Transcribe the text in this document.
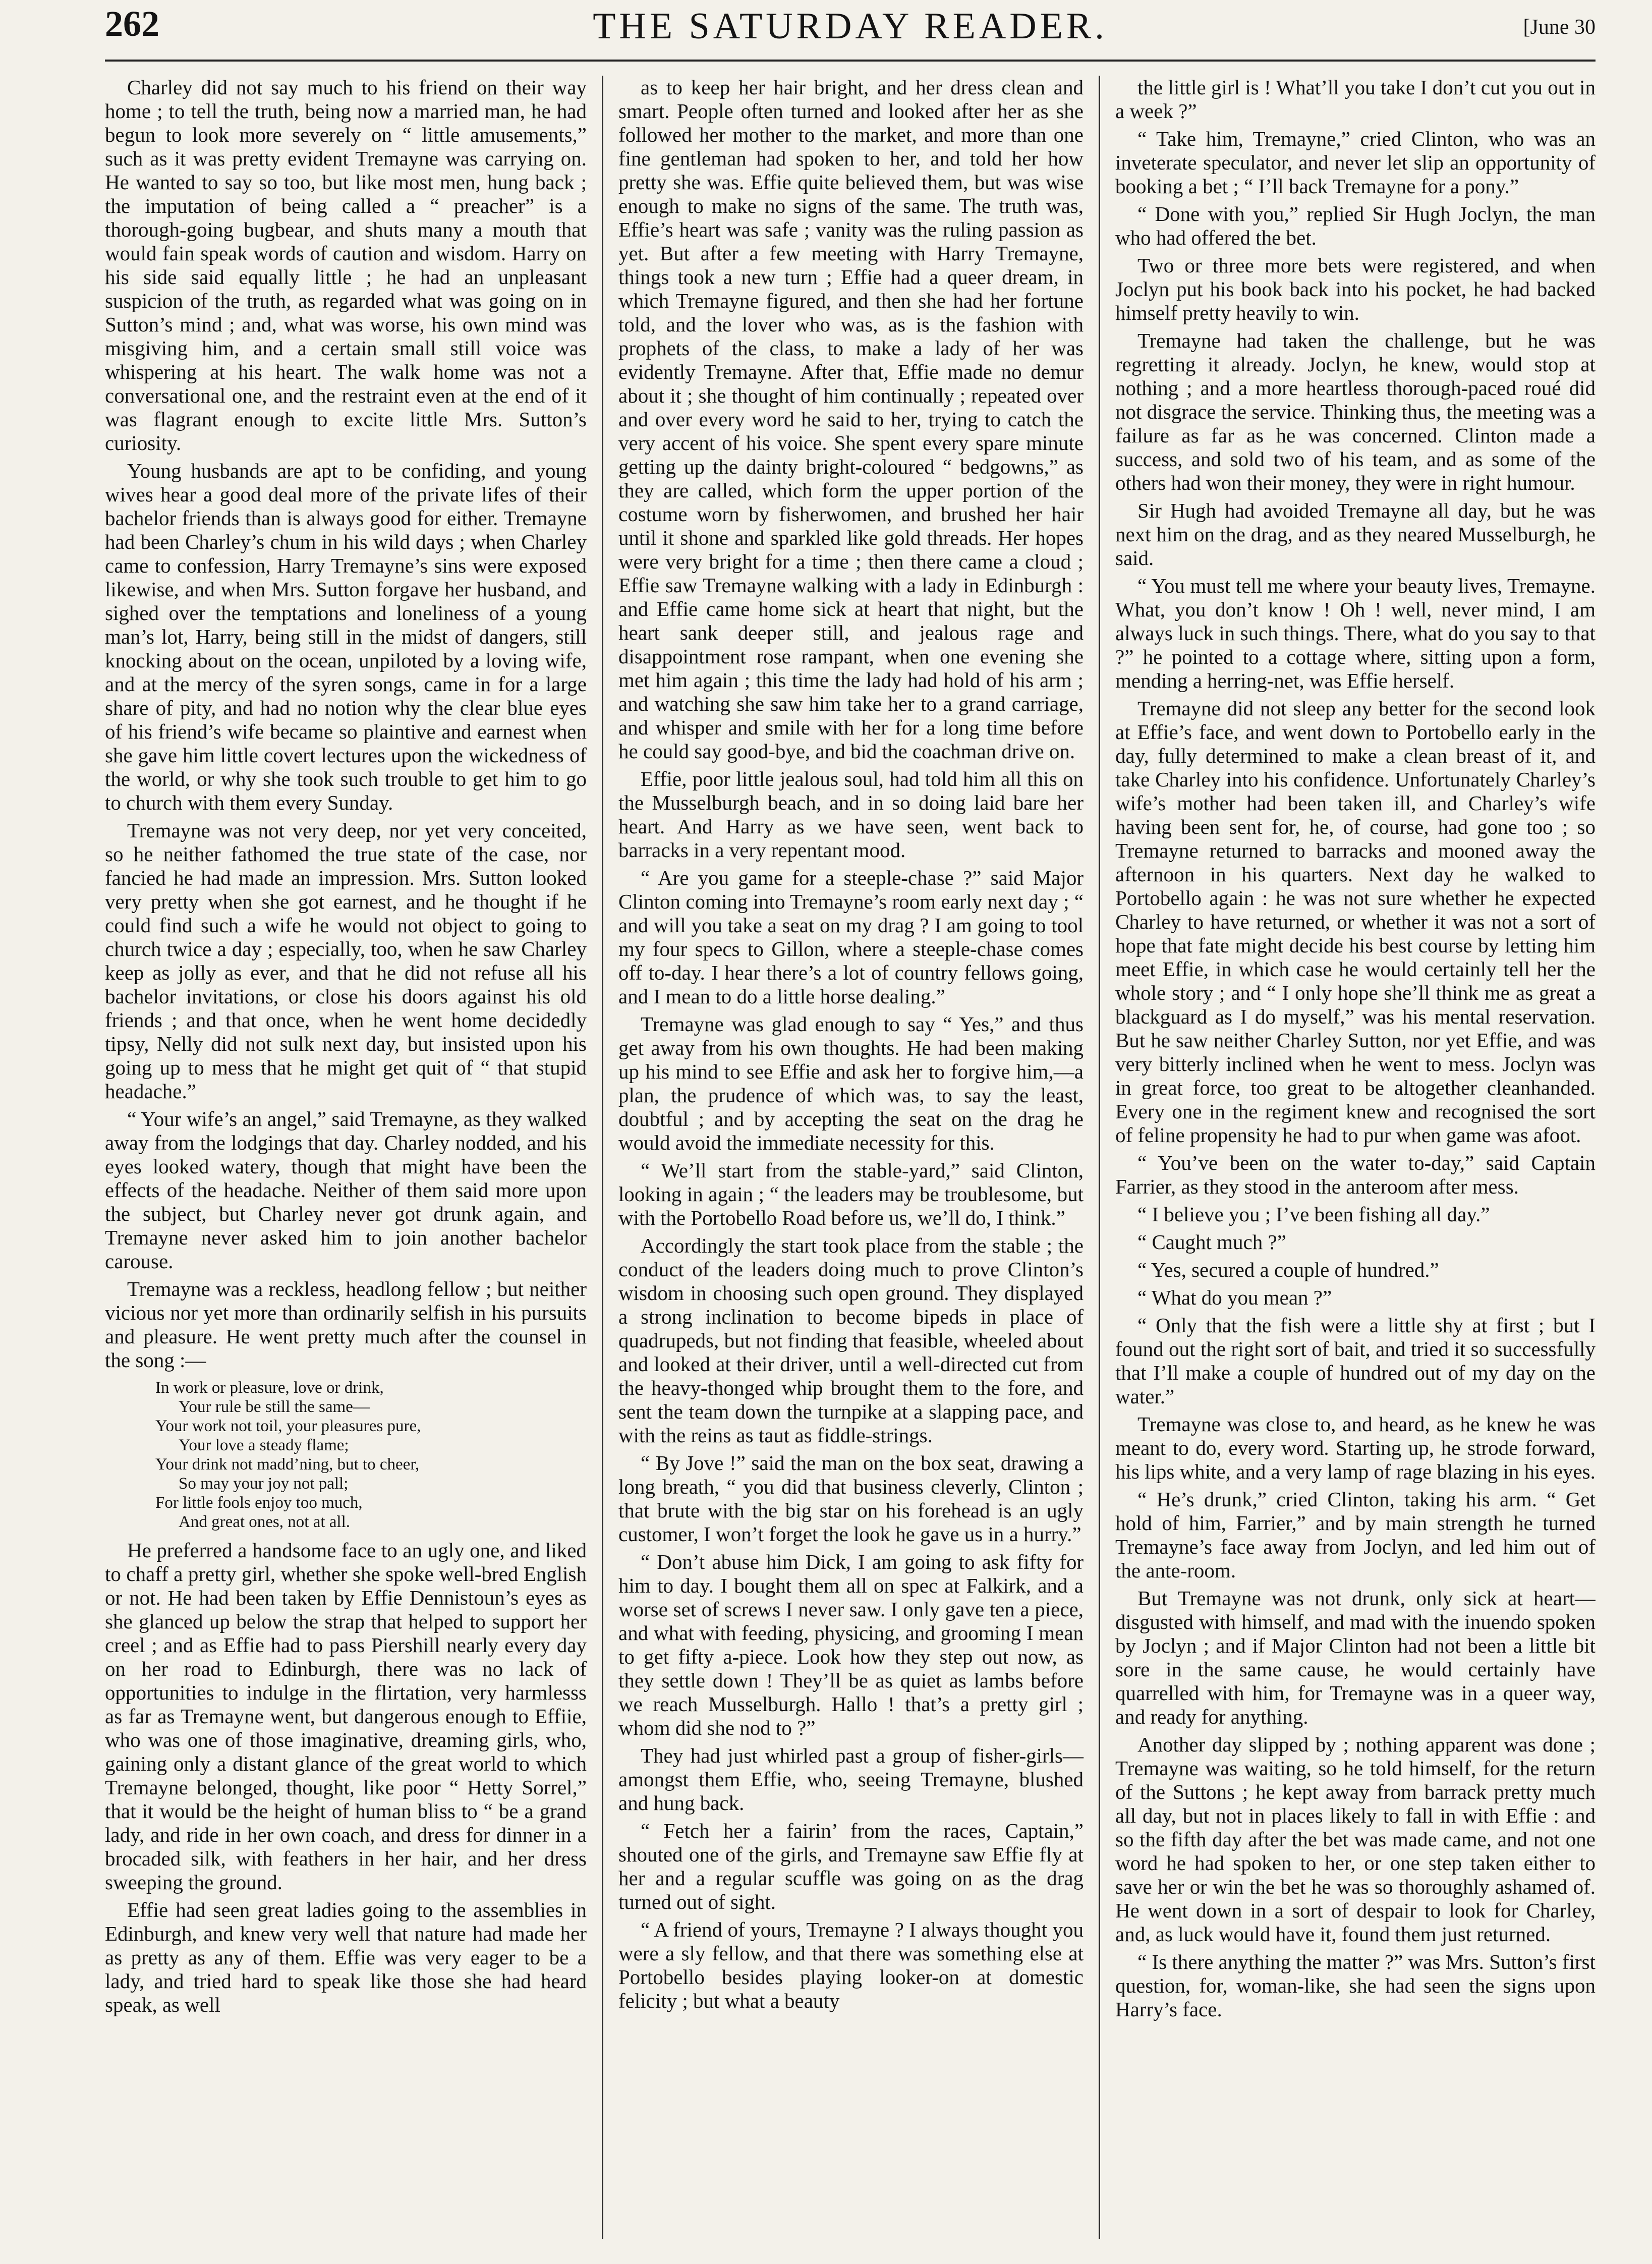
262	THE SATURDAY READER.	[June 30

Charley did not say much to his friend on their way home ; to tell the truth, being now a married man, he had begun to look more severely on “ little amusements,” such as it was pretty evident Tremayne was carrying on. He wanted to say so too, but like most men, hung back ; the imputation of being called a “ preacher” is a thorough-going bugbear, and shuts many a mouth that would fain speak words of caution and wisdom. Harry on his side said equally little ; he had an unpleasant suspicion of the truth, as regarded what was going on in Sutton’s mind ; and, what was worse, his own mind was misgiving him, and a certain small still voice was whispering at his heart. The walk home was not a conversational one, and the restraint even at the end of it was flagrant enough to excite little Mrs. Sutton’s curiosity.

Young husbands are apt to be confiding, and young wives hear a good deal more of the private lifes of their bachelor friends than is always good for either. Tremayne had been Charley’s chum in his wild days ; when Charley came to confession, Harry Tremayne’s sins were exposed likewise, and when Mrs. Sutton forgave her husband, and sighed over the temptations and loneliness of a young man’s lot, Harry, being still in the midst of dangers, still knocking about on the ocean, unpiloted by a loving wife, and at the mercy of the syren songs, came in for a large share of pity, and had no notion why the clear blue eyes of his friend’s wife became so plaintive and earnest when she gave him little covert lectures upon the wickedness of the world, or why she took such trouble to get him to go to church with them every Sunday.

Tremayne was not very deep, nor yet very conceited, so he neither fathomed the true state of the case, nor fancied he had made an impression. Mrs. Sutton looked very pretty when she got earnest, and he thought if he could find such a wife he would not object to going to church twice a day ; especially, too, when he saw Charley keep as jolly as ever, and that he did not refuse all his bachelor invitations, or close his doors against his old friends ; and that once, when he went home decidedly tipsy, Nelly did not sulk next day, but insisted upon his going up to mess that he might get quit of “ that stupid headache.”

“ Your wife’s an angel,” said Tremayne, as they walked away from the lodgings that day. Charley nodded, and his eyes looked watery, though that might have been the effects of the headache. Neither of them said more upon the subject, but Charley never got drunk again, and Tremayne never asked him to join another bachelor carouse.

Tremayne was a reckless, headlong fellow ; but neither vicious nor yet more than ordinarily selfish in his pursuits and pleasure. He went pretty much after the counsel in the song :—

In work or pleasure, love or drink,

Your rule be still the same—

Your work not toil, your pleasures pure,

Your love a steady flame;

Your drink not madd’ning, but to cheer,

So may your joy not pall;

For little fools enjoy too much,

And great ones, not at all.

He preferred a handsome face to an ugly one, and liked to chaff a pretty girl, whether she spoke well-bred English or not. He had been taken by Effie Dennistoun’s eyes as she glanced up below the strap that helped to support her creel ; and as Effie had to pass Piershill nearly every day on her road to Edinburgh, there was no lack of opportunities to indulge in the flirtation, very harmlesss as far as Tremayne went, but dangerous enough to Effiie, who was one of those imaginative, dreaming girls, who, gaining only a distant glance of the great world to which Tremayne belonged, thought, like poor “ Hetty Sorrel,” that it would be the height of human bliss to “ be a grand lady, and ride in her own coach, and dress for dinner in a brocaded silk, with feathers in her hair, and her dress sweeping the ground.

Effie had seen great ladies going to the assemblies in Edinburgh, and knew very well that nature had made her as pretty as any of them. Effie was very eager to be a lady, and tried hard to speak like those she had heard speak, as well

as to keep her hair bright, and her dress clean and smart. People often turned and looked after her as she followed her mother to the market, and more than one fine gentleman had spoken to her, and told her how pretty she was. Effie quite believed them, but was wise enough to make no signs of the same. The truth was, Effie’s heart was safe ; vanity was the ruling passion as yet. But after a few meeting with Harry Tremayne, things took a new turn ; Effie had a queer dream, in which Tremayne figured, and then she had her fortune told, and the lover who was, as is the fashion with prophets of the class, to make a lady of her was evidently Tremayne. After that, Effie made no demur about it ; she thought of him continually ; repeated over and over every word he said to her, trying to catch the very accent of his voice. She spent every spare minute getting up the dainty bright-coloured “ bedgowns,” as they are called, which form the upper portion of the costume worn by fisherwomen, and brushed her hair until it shone and sparkled like gold threads. Her hopes were very bright for a time ; then there came a cloud ; Effie saw Tremayne walking with a lady in Edinburgh : and Effie came home sick at heart that night, but the heart sank deeper still, and jealous rage and disappointment rose rampant, when one evening she met him again ; this time the lady had hold of his arm ; and watching she saw him take her to a grand carriage, and whisper and smile with her for a long time before he could say good-bye, and bid the coachman drive on.

Effie, poor little jealous soul, had told him all this on the Musselburgh beach, and in so doing laid bare her heart. And Harry as we have seen, went back to barracks in a very repentant mood.

“ Are you game for a steeple-chase ?” said Major Clinton coming into Tremayne’s room early next day ; “ and will you take a seat on my drag ? I am going to tool my four specs to Gillon, where a steeple-chase comes off to-day. I hear there’s a lot of country fellows going, and I mean to do a little horse dealing.”

Tremayne was glad enough to say “ Yes,” and thus get away from his own thoughts. He had been making up his mind to see Effie and ask her to forgive him,—a plan, the prudence of which was, to say the least, doubtful ; and by accepting the seat on the drag he would avoid the immediate necessity for this.

“ We’ll start from the stable-yard,” said Clinton, looking in again ; “ the leaders may be troublesome, but with the Portobello Road before us, we’ll do, I think.”

Accordingly the start took place from the stable ; the conduct of the leaders doing much to prove Clinton’s wisdom in choosing such open ground. They displayed a strong inclination to become bipeds in place of quadrupeds, but not finding that feasible, wheeled about and looked at their driver, until a well-directed cut from the heavy-thonged whip brought them to the fore, and sent the team down the turnpike at a slapping pace, and with the reins as taut as fiddle-strings.

“ By Jove !” said the man on the box seat, drawing a long breath, “ you did that business cleverly, Clinton ; that brute with the big star on his forehead is an ugly customer, I won’t forget the look he gave us in a hurry.”

“ Don’t abuse him Dick, I am going to ask fifty for him to day. I bought them all on spec at Falkirk, and a worse set of screws I never saw. I only gave ten a piece, and what with feeding, physicing, and grooming I mean to get fifty a-piece. Look how they step out now, as they settle down ! They’ll be as quiet as lambs before we reach Musselburgh. Hallo ! that’s a pretty girl ; whom did she nod to ?”

They had just whirled past a group of fisher-girls—amongst them Effie, who, seeing Tremayne, blushed and hung back.

“ Fetch her a fairin’ from the races, Captain,” shouted one of the girls, and Tremayne saw Effie fly at her and a regular scuffle was going on as the drag turned out of sight.

“ A friend of yours, Tremayne ? I always thought you were a sly fellow, and that there was something else at Portobello besides playing looker-on at domestic felicity ; but what a beauty

the little girl is ! What’ll you take I don’t cut you out in a week ?”

“ Take him, Tremayne,” cried Clinton, who was an inveterate speculator, and never let slip an opportunity of booking a bet ; “ I’ll back Tremayne for a pony.”

“ Done with you,” replied Sir Hugh Joclyn, the man who had offered the bet.

Two or three more bets were registered, and when Joclyn put his book back into his pocket, he had backed himself pretty heavily to win.

Tremayne had taken the challenge, but he was regretting it already. Joclyn, he knew, would stop at nothing ; and a more heartless thorough-paced roué did not disgrace the service. Thinking thus, the meeting was a failure as far as he was concerned. Clinton made a success, and sold two of his team, and as some of the others had won their money, they were in right humour.

Sir Hugh had avoided Tremayne all day, but he was next him on the drag, and as they neared Musselburgh, he said.

“ You must tell me where your beauty lives, Tremayne. What, you don’t know ! Oh ! well, never mind, I am always luck in such things. There, what do you say to that ?” he pointed to a cottage where, sitting upon a form, mending a herring-net, was Effie herself.

Tremayne did not sleep any better for the second look at Effie’s face, and went down to Portobello early in the day, fully determined to make a clean breast of it, and take Charley into his confidence. Unfortunately Charley’s wife’s mother had been taken ill, and Charley’s wife having been sent for, he, of course, had gone too ; so Tremayne returned to barracks and mooned away the afternoon in his quarters. Next day he walked to Portobello again : he was not sure whether he expected Charley to have returned, or whether it was not a sort of hope that fate might decide his best course by letting him meet Effie, in which case he would certainly tell her the whole story ; and “ I only hope she’ll think me as great a blackguard as I do myself,” was his mental reservation. But he saw neither Charley Sutton, nor yet Effie, and was very bitterly inclined when he went to mess. Joclyn was in great force, too great to be altogether cleanhanded. Every one in the regiment knew and recognised the sort of feline propensity he had to pur when game was afoot.

“ You’ve been on the water to-day,” said Captain Farrier, as they stood in the anteroom after mess.

“ I believe you ; I’ve been fishing all day.”

“ Caught much ?”

“ Yes, secured a couple of hundred.”

“ What do you mean ?”

“ Only that the fish were a little shy at first ; but I found out the right sort of bait, and tried it so successfully that I’ll make a couple of hundred out of my day on the water.”

Tremayne was close to, and heard, as he knew he was meant to do, every word. Starting up, he strode forward, his lips white, and a very lamp of rage blazing in his eyes.

“ He’s drunk,” cried Clinton, taking his arm. “ Get hold of him, Farrier,” and by main strength he turned Tremayne’s face away from Joclyn, and led him out of the ante-room.

But Tremayne was not drunk, only sick at heart—disgusted with himself, and mad with the inuendo spoken by Joclyn ; and if Major Clinton had not been a little bit sore in the same cause, he would certainly have quarrelled with him, for Tremayne was in a queer way, and ready for anything.

Another day slipped by ; nothing apparent was done ; Tremayne was waiting, so he told himself, for the return of the Suttons ; he kept away from barrack pretty much all day, but not in places likely to fall in with Effie : and so the fifth day after the bet was made came, and not one word he had spoken to her, or one step taken either to save her or win the bet he was so thoroughly ashamed of. He went down in a sort of despair to look for Charley, and, as luck would have it, found them just returned.

“ Is there anything the matter ?” was Mrs. Sutton’s first question, for, woman-like, she had seen the signs upon Harry’s face.
